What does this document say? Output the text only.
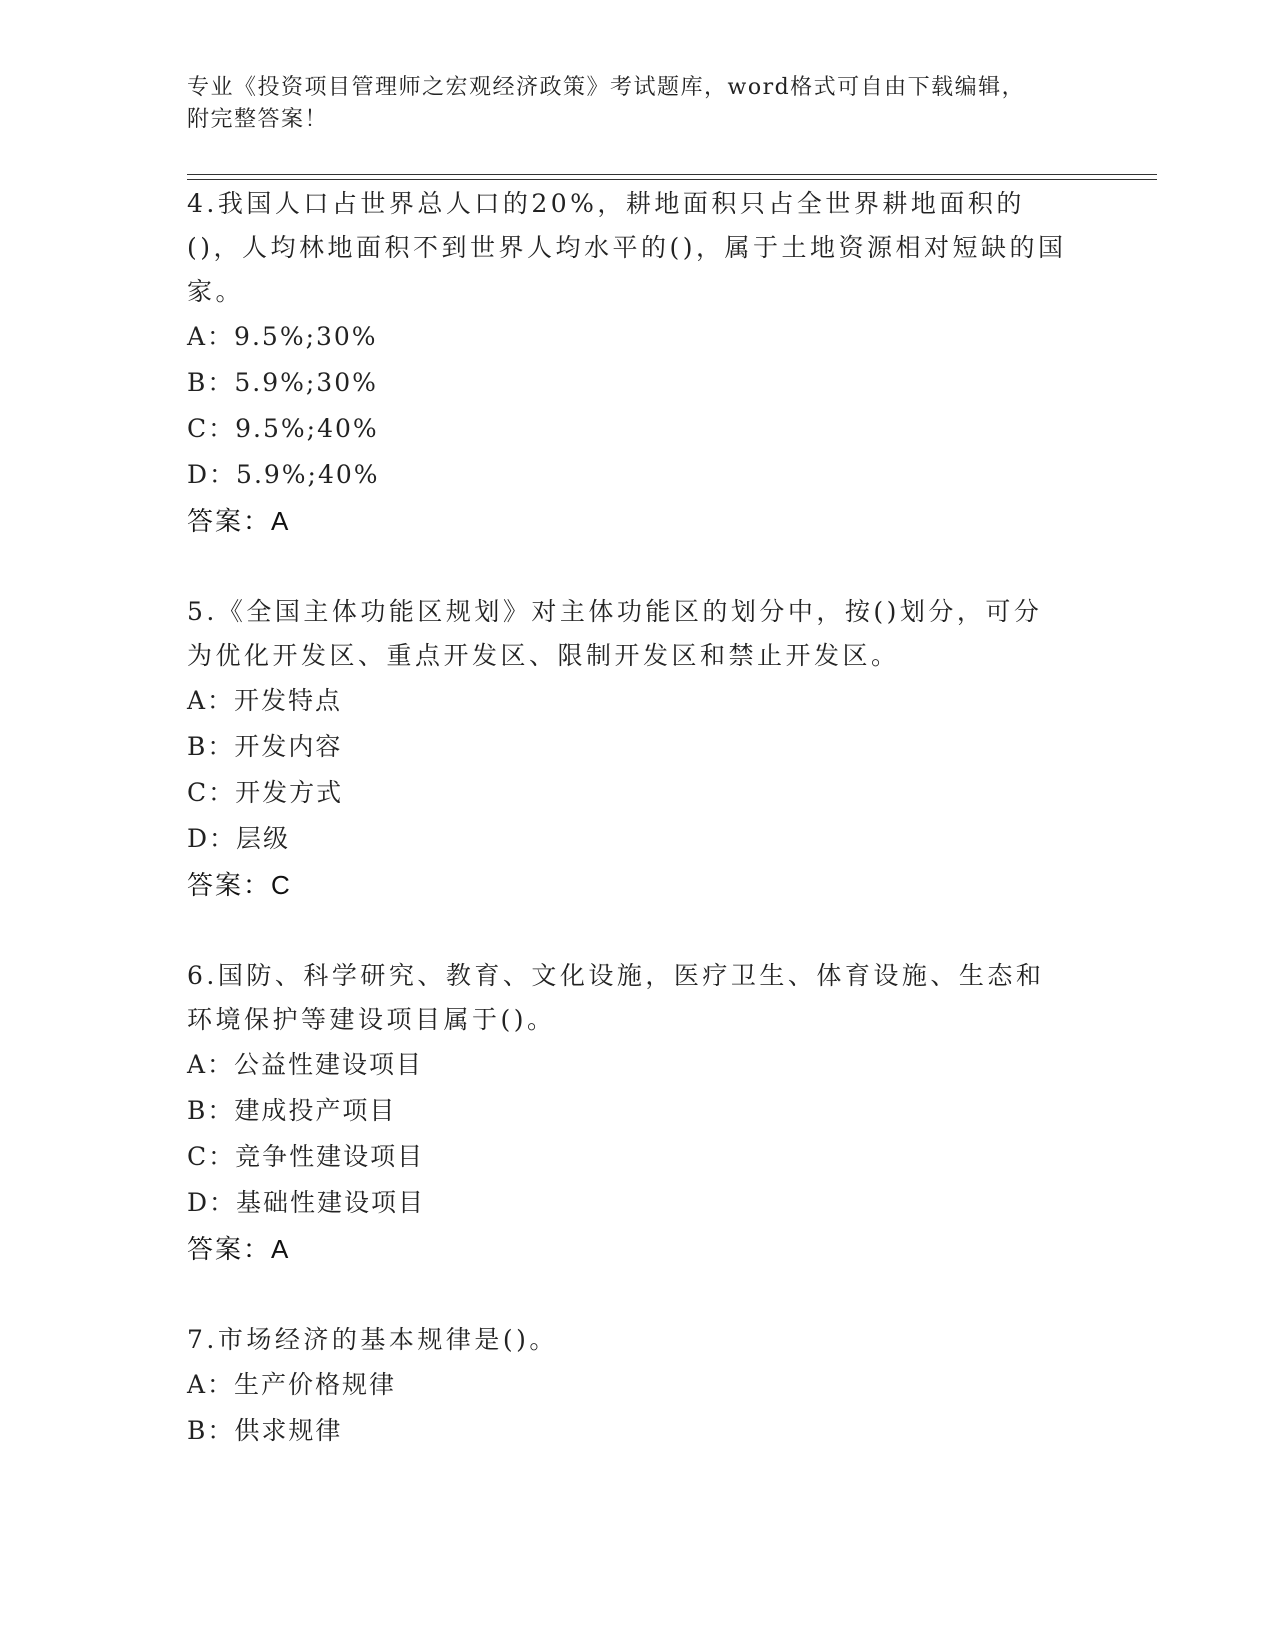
专业《投资项目管理师之宏观经济政策》考试题库，word格式可自由下载编辑，
附完整答案！

4.我国人口占世界总人口的20%，耕地面积只占全世界耕地面积的()，人均林地面积不到世界人均水平的()，属于土地资源相对短缺的国家。

A：9.5%;30%

B：5.9%;30%

C：9.5%;40%

D：5.9%;40%

答案：A

5.《全国主体功能区规划》对主体功能区的划分中，按()划分，可分为优化开发区、重点开发区、限制开发区和禁止开发区。

A：开发特点

B：开发内容

C：开发方式

D：层级

答案：C

6.国防、科学研究、教育、文化设施，医疗卫生、体育设施、生态和环境保护等建设项目属于()。

A：公益性建设项目

B：建成投产项目

C：竞争性建设项目

D：基础性建设项目

答案：A

7.市场经济的基本规律是()。

A：生产价格规律

B：供求规律
